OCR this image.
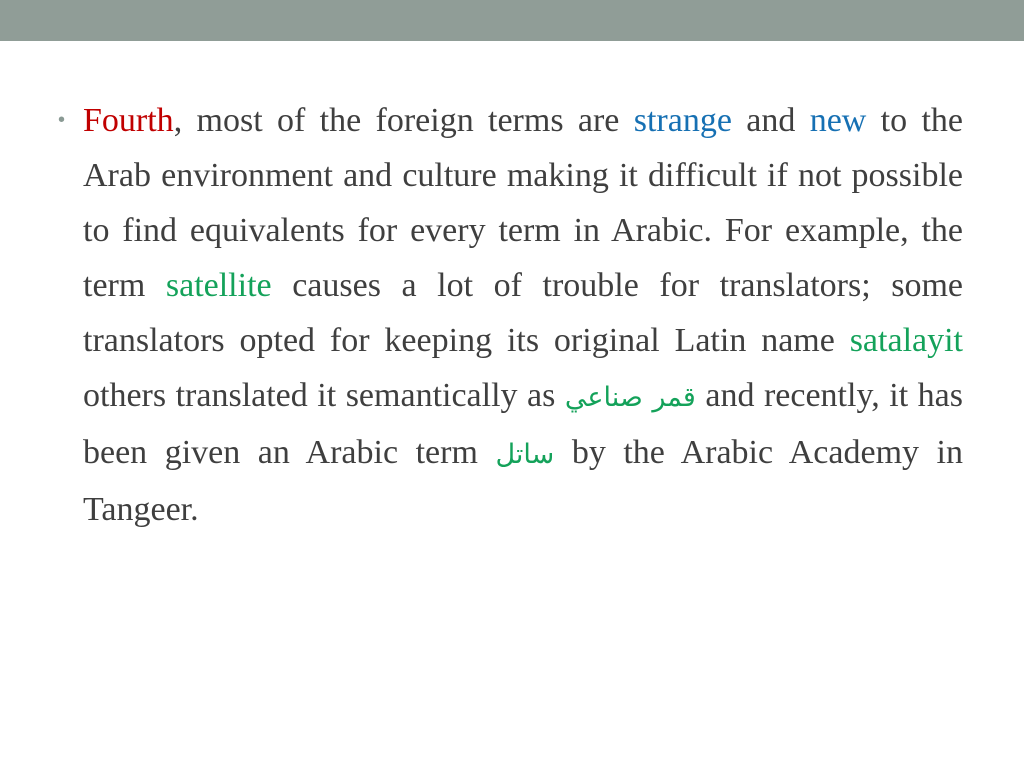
• Fourth, most of the foreign terms are strange and new to the Arab environment and culture making it difficult if not possible to find equivalents for every term in Arabic. For example, the term satellite causes a lot of trouble for translators; some translators opted for keeping its original Latin name satalayit others translated it semantically as قمر صناعي and recently, it has been given an Arabic term ساتل by the Arabic Academy in Tangeer.
